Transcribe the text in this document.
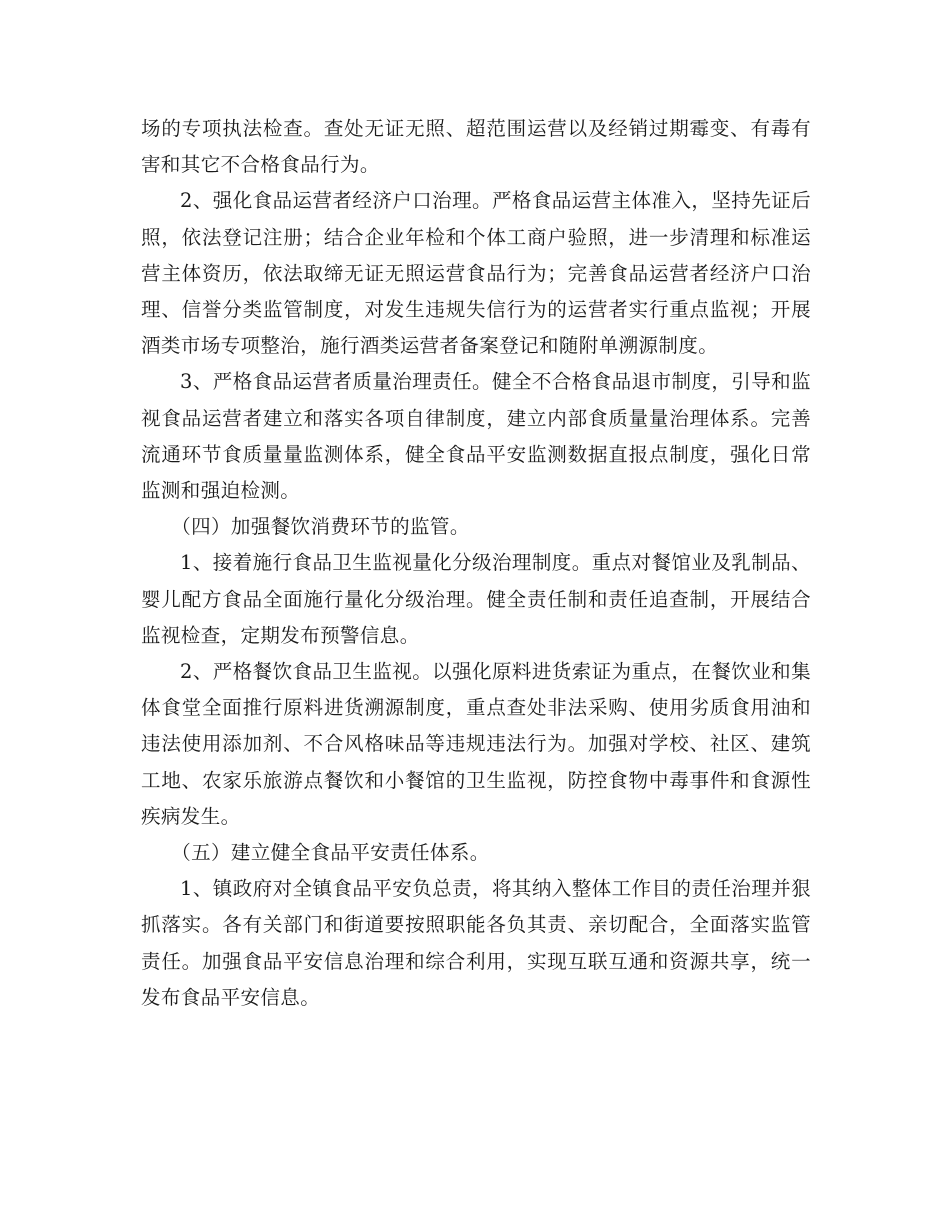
场的专项执法检查。查处无证无照、超范围运营以及经销过期霉变、有毒有害和其它不合格食品行为。

2、强化食品运营者经济户口治理。严格食品运营主体准入，坚持先证后照，依法登记注册；结合企业年检和个体工商户验照，进一步清理和标准运营主体资历，依法取缔无证无照运营食品行为；完善食品运营者经济户口治理、信誉分类监管制度，对发生违规失信行为的运营者实行重点监视；开展酒类市场专项整治，施行酒类运营者备案登记和随附单溯源制度。

3、严格食品运营者质量治理责任。健全不合格食品退市制度，引导和监视食品运营者建立和落实各项自律制度，建立内部食质量量治理体系。完善流通环节食质量量监测体系，健全食品平安监测数据直报点制度，强化日常监测和强迫检测。

（四）加强餐饮消费环节的监管。

1、接着施行食品卫生监视量化分级治理制度。重点对餐馆业及乳制品、婴儿配方食品全面施行量化分级治理。健全责任制和责任追查制，开展结合监视检查，定期发布预警信息。

2、严格餐饮食品卫生监视。以强化原料进货索证为重点，在餐饮业和集体食堂全面推行原料进货溯源制度，重点查处非法采购、使用劣质食用油和违法使用添加剂、不合风格味品等违规违法行为。加强对学校、社区、建筑工地、农家乐旅游点餐饮和小餐馆的卫生监视，防控食物中毒事件和食源性疾病发生。

（五）建立健全食品平安责任体系。

1、镇政府对全镇食品平安负总责，将其纳入整体工作目的责任治理并狠抓落实。各有关部门和街道要按照职能各负其责、亲切配合，全面落实监管责任。加强食品平安信息治理和综合利用，实现互联互通和资源共享，统一发布食品平安信息。
